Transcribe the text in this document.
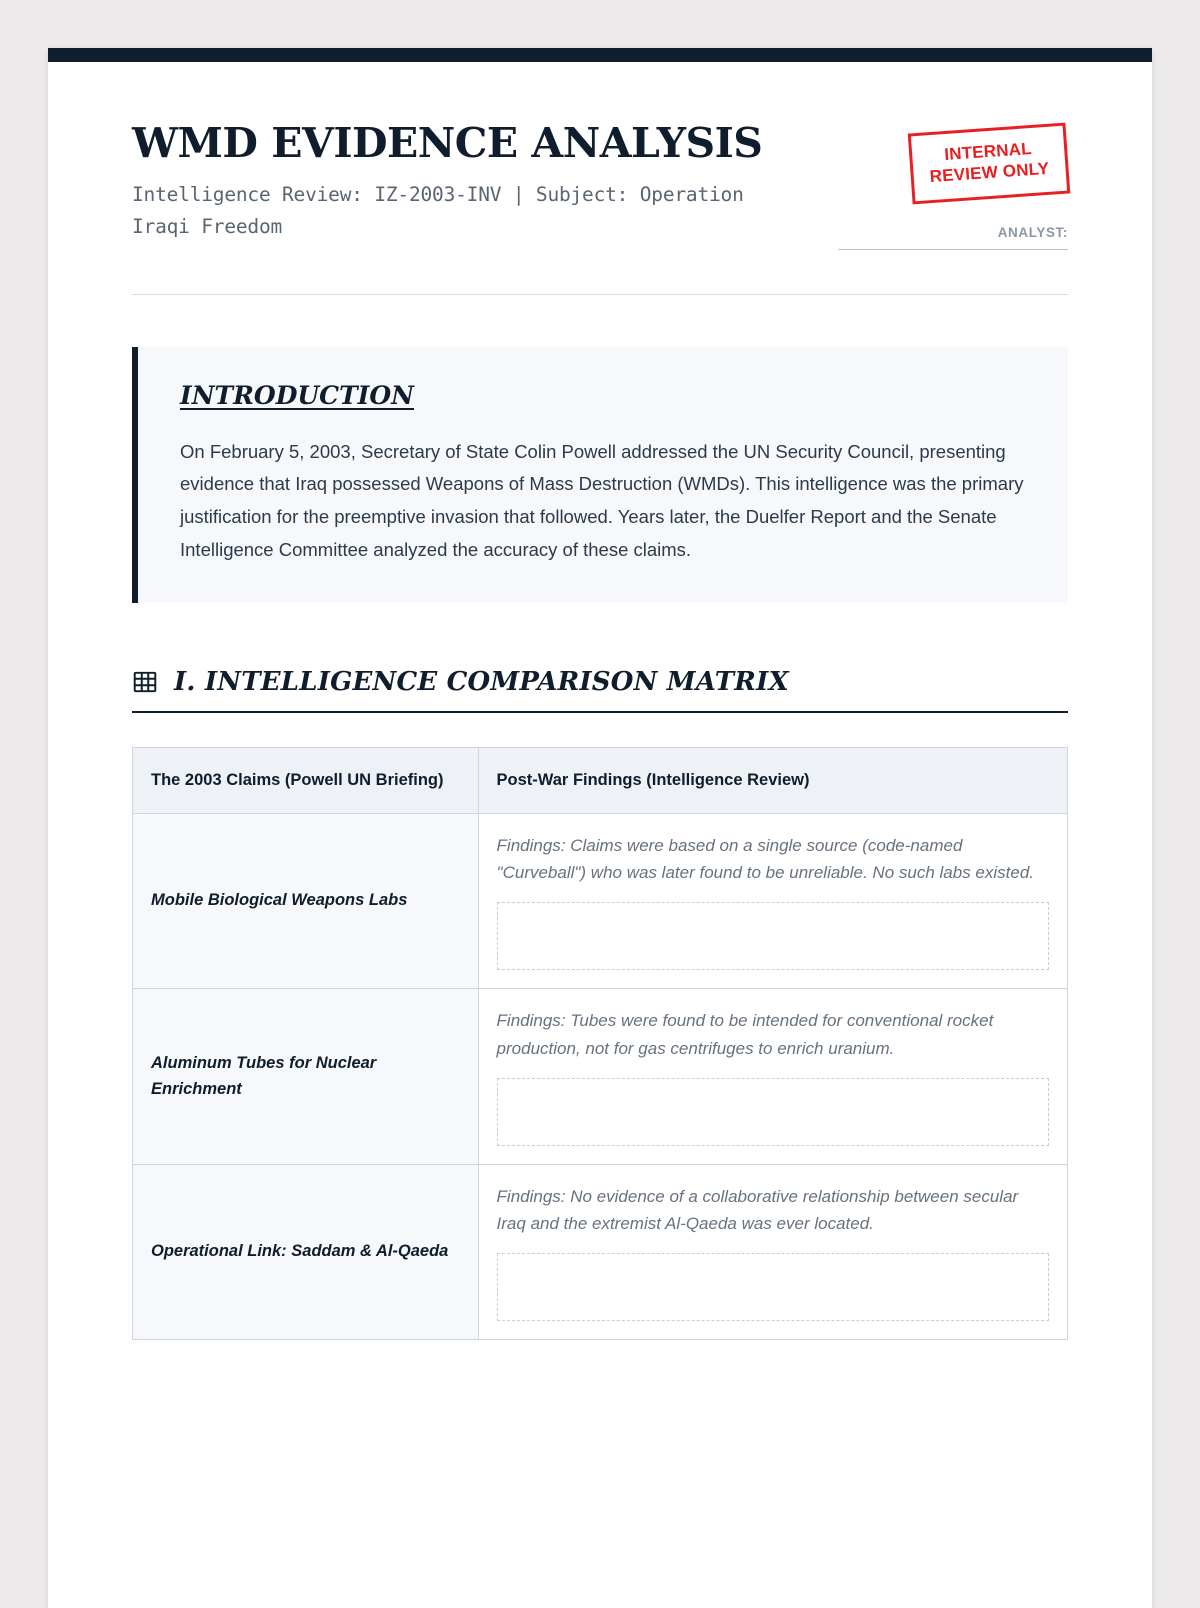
WMD EVIDENCE ANALYSIS

Intelligence Review: IZ-2003-INV | Subject: Operation Iraqi Freedom

INTERNAL
REVIEW ONLY
ANALYST:
INTRODUCTION

On February 5, 2003, Secretary of State Colin Powell addressed the UN Security Council, presenting evidence that Iraq possessed Weapons of Mass Destruction (WMDs). This intelligence was the primary justification for the preemptive invasion that followed. Years later, the Duelfer Report and the Senate Intelligence Committee analyzed the accuracy of these claims.

I. INTELLIGENCE COMPARISON MATRIX
The 2003 Claims (Powell UN Briefing)	Post-War Findings (Intelligence Review)
Mobile Biological Weapons Labs	Findings: Claims were based on a single source (code-named "Curveball") who was later found to be unreliable. No such labs existed.

Aluminum Tubes for Nuclear Enrichment	Findings: Tubes were found to be intended for conventional rocket production, not for gas centrifuges to enrich uranium.

Operational Link: Saddam & Al-Qaeda	Findings: No evidence of a collaborative relationship between secular Iraq and the extremist Al-Qaeda was ever located.
